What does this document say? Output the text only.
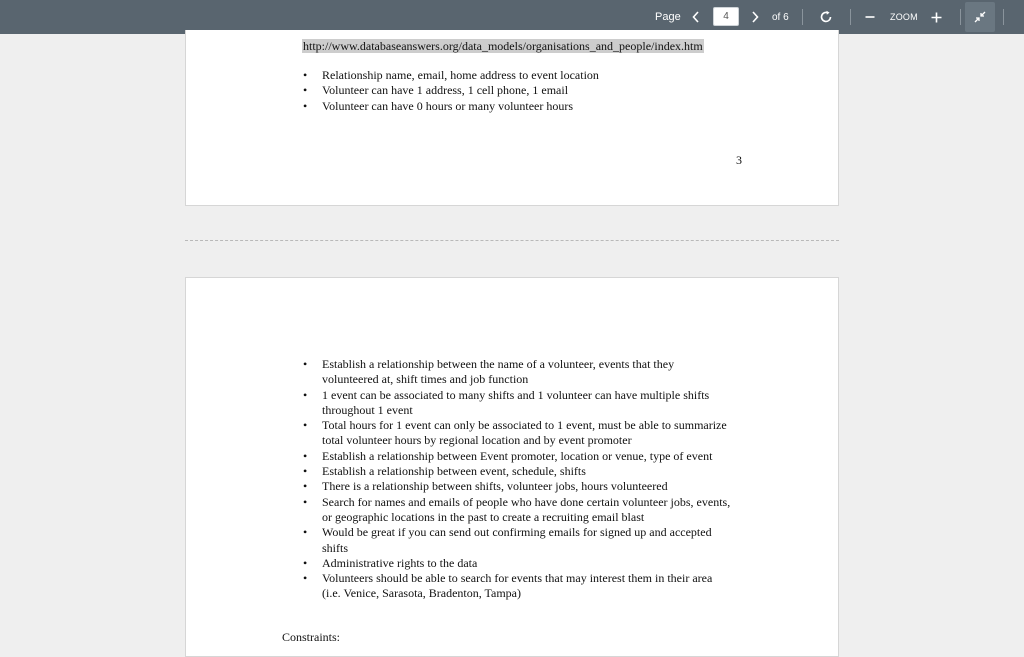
Page
4	of 6	ZOOM
http://www.databaseanswers.org/data_models/organisations_and_people/index.htm
• Relationship name, email, home address to event location
• Volunteer can have 1 address, 1 cell phone, 1 email
• Volunteer can have 0 hours or many volunteer hours
3
• Establish a relationship between the name of a volunteer, events that they volunteered at, shift times and job function
• 1 event can be associated to many shifts and 1 volunteer can have multiple shifts throughout 1 event
• Total hours for 1 event can only be associated to 1 event, must be able to summarize total volunteer hours by regional location and by event promoter
• Establish a relationship between Event promoter, location or venue, type of event
• Establish a relationship between event, schedule, shifts
• There is a relationship between shifts, volunteer jobs, hours volunteered
• Search for names and emails of people who have done certain volunteer jobs, events, or geographic locations in the past to create a recruiting email blast
• Would be great if you can send out confirming emails for signed up and accepted shifts
• Administrative rights to the data
• Volunteers should be able to search for events that may interest them in their area (i.e. Venice, Sarasota, Bradenton, Tampa)
Constraints:
